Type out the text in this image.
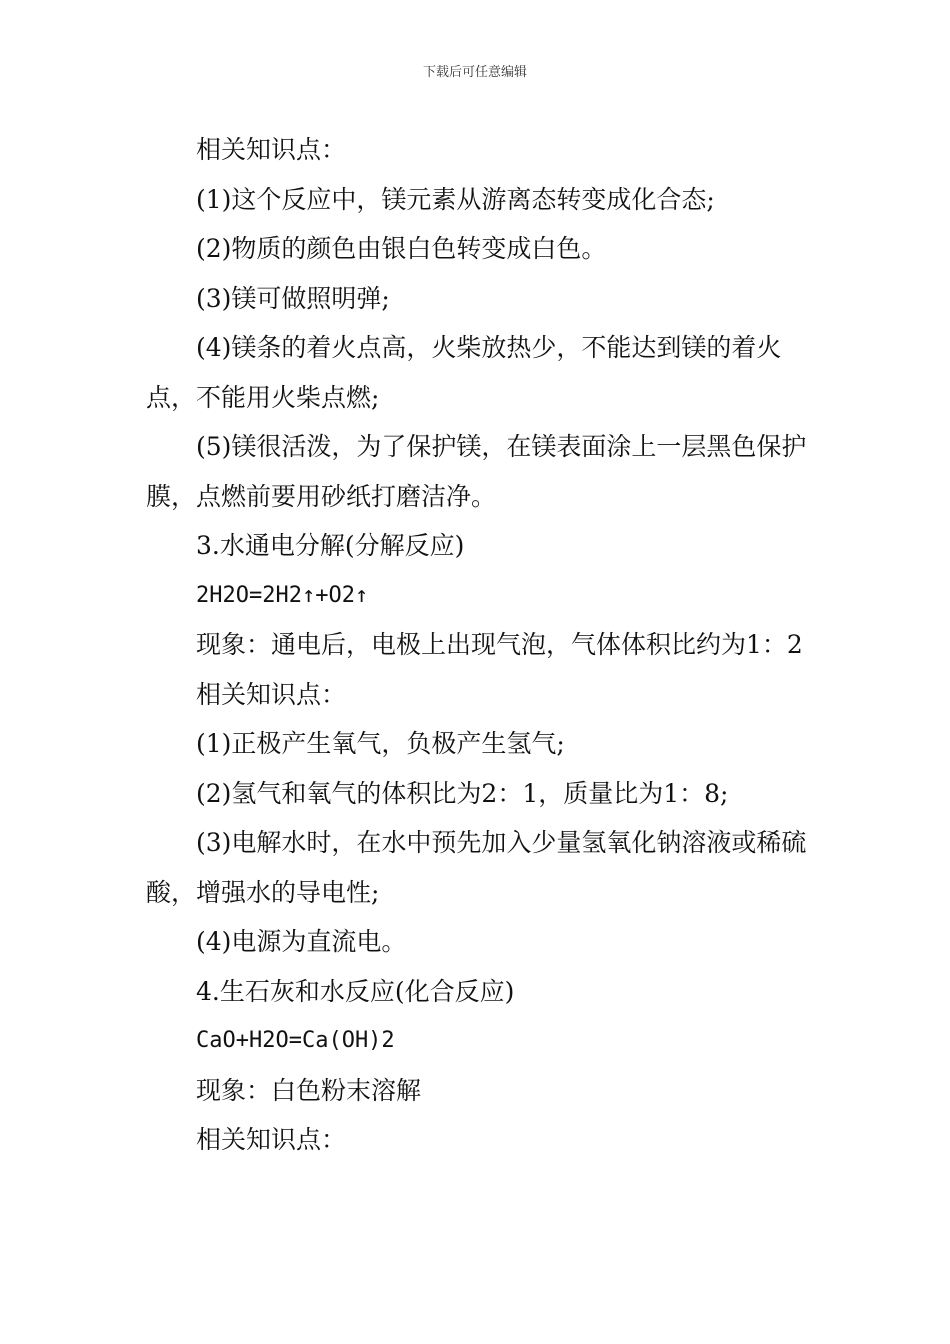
下载后可任意编辑

相关知识点：

(1)这个反应中，镁元素从游离态转变成化合态;

(2)物质的颜色由银白色转变成白色。

(3)镁可做照明弹;

(4)镁条的着火点高，火柴放热少，不能达到镁的着火点，不能用火柴点燃;

(5)镁很活泼，为了保护镁，在镁表面涂上一层黑色保护膜，点燃前要用砂纸打磨洁净。

3.水通电分解(分解反应)

2H2O=2H2↑+O2↑

现象：通电后，电极上出现气泡，气体体积比约为1：2

相关知识点：

(1)正极产生氧气，负极产生氢气;

(2)氢气和氧气的体积比为2：1，质量比为1：8;

(3)电解水时，在水中预先加入少量氢氧化钠溶液或稀硫酸，增强水的导电性;

(4)电源为直流电。

4.生石灰和水反应(化合反应)

CaO+H2O=Ca(OH)2

现象：白色粉末溶解

相关知识点：
